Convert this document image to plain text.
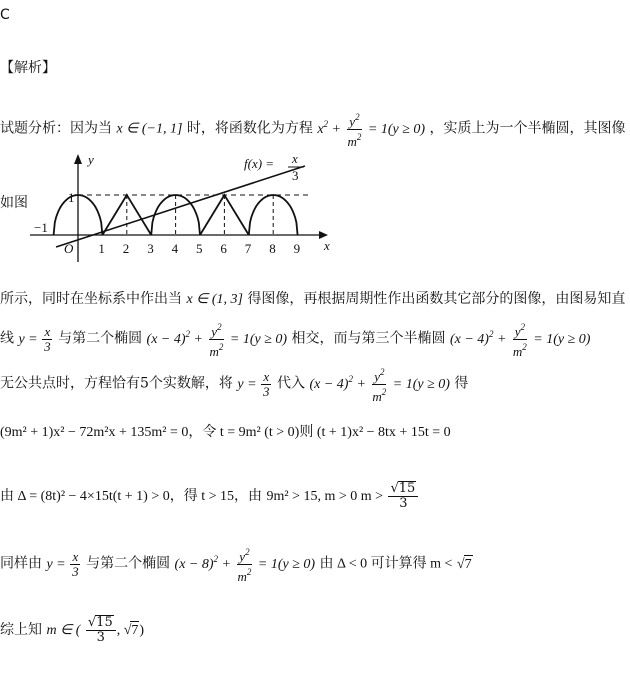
C
【解析】
试题分析：因为当 x ∈ (−1, 1] 时，将函数化为方程 $x^2 + \frac{y^2}{m^2} = 1(y \ge 0)$ ，实质上为一个半椭圆，其图像
如图
y
x
O
1
−1
1 2 3 4 5 6 7 8 9
f(x) = x
3
所示，同时在坐标系中作出当 x ∈ (1, 3] 得图像，再根据周期性作出函数其它部分的图像，由图易知直
线 $y = \frac{x}{3}$ 与第二个椭圆 $(x - 4)^2 + \frac{y^2}{m^2} = 1(y \ge 0)$ 相交，而与第三个半椭圆 $(x - 4)^2 + \frac{y^2}{m^2} = 1(y \ge 0)$
无公共点时，方程恰有5个实数解，将 $y = \frac{x}{3}$ 代入 $(x - 4)^2 + \frac{y^2}{m^2} = 1(y \ge 0)$ 得
(9m² + 1)x² − 72m²x + 135m² = 0，令 t = 9m² (t > 0)则 (t + 1)x² − 8tx + 15t = 0
由 Δ = (8t)² − 4×15t(t + 1) > 0，得 t > 15，由 9m² > 15, m > 0 $m > \frac{√15}{3}$
同样由 $y = \frac{x}{3}$ 与第二个椭圆 $(x - 8)^2 + \frac{y^2}{m^2} = 1(y \ge 0)$ 由 Δ < 0 可计算得 m < √7
综上知 m ∈ ( $\frac{√15}{3}$ , √7)
